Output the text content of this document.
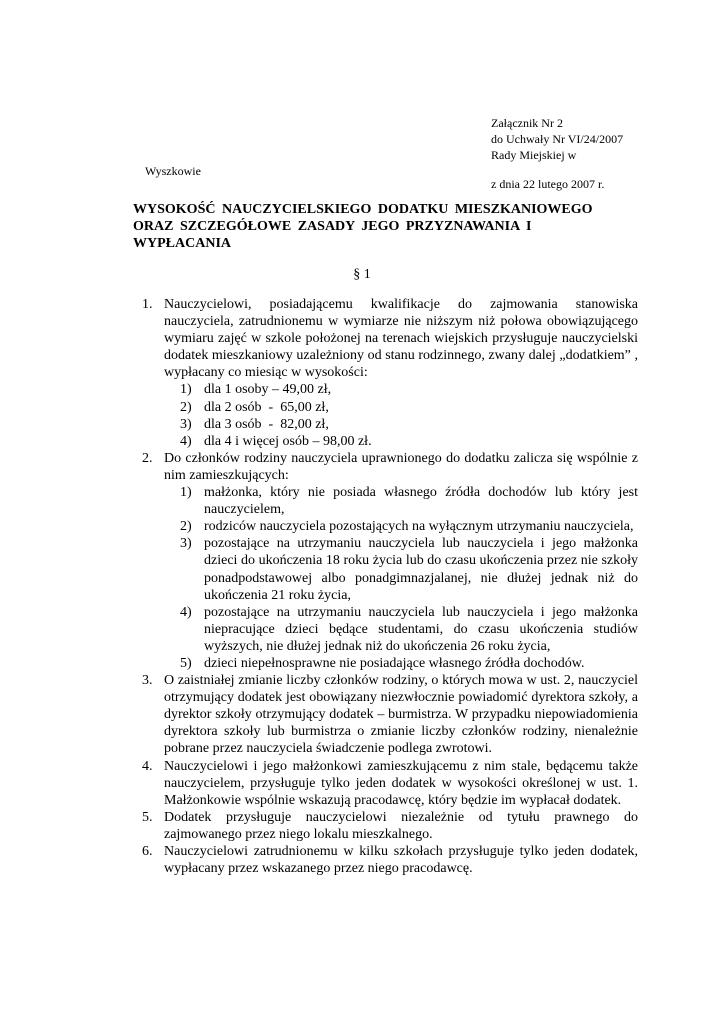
Załącznik Nr 2
do Uchwały Nr VI/24/2007
Rady Miejskiej w
Wyszkowie
z dnia 22 lutego 2007 r.
WYSOKOŚĆ NAUCZYCIELSKIEGO DODATKU MIESZKANIOWEGO
ORAZ SZCZEGÓŁOWE ZASADY JEGO PRZYZNAWANIA I
WYPŁACANIA
§ 1
1. Nauczycielowi, posiadającemu kwalifikacje do zajmowania stanowiska nauczyciela, zatrudnionemu w wymiarze nie niższym niż połowa obowiązującego wymiaru zajęć w szkole położonej na terenach wiejskich przysługuje nauczycielski dodatek mieszkaniowy uzależniony od stanu rodzinnego, zwany dalej „dodatkiem” , wypłacany co miesiąc w wysokości:
1) dla 1 osoby – 49,00 zł,
2) dla 2 osób  -  65,00 zł,
3) dla 3 osób  -  82,00 zł,
4) dla 4 i więcej osób – 98,00 zł.
2. Do członków rodziny nauczyciela uprawnionego do dodatku zalicza się wspólnie z nim zamieszkujących:
1) małżonka, który nie posiada własnego źródła dochodów lub który jest nauczycielem,
2) rodziców nauczyciela pozostających na wyłącznym utrzymaniu nauczyciela,
3) pozostające na utrzymaniu nauczyciela lub nauczyciela i jego małżonka dzieci do ukończenia 18 roku życia lub do czasu ukończenia przez nie szkoły ponadpodstawowej albo ponadgimnazjalanej, nie dłużej jednak niż do ukończenia 21 roku życia,
4) pozostające na utrzymaniu nauczyciela lub nauczyciela i jego małżonka niepracujące dzieci będące studentami, do czasu ukończenia studiów wyższych, nie dłużej jednak niż do ukończenia 26 roku życia,
5) dzieci niepełnosprawne nie posiadające własnego źródła dochodów.
3. O zaistniałej zmianie liczby członków rodziny, o których mowa w ust. 2, nauczyciel otrzymujący dodatek jest obowiązany niezwłocznie powiadomić dyrektora szkoły, a dyrektor szkoły otrzymujący dodatek – burmistrza. W przypadku niepowiadomienia dyrektora szkoły lub burmistrza o zmianie liczby członków rodziny, nienależnie pobrane przez nauczyciela świadczenie podlega zwrotowi.
4. Nauczycielowi i jego małżonkowi zamieszkującemu z nim stale, będącemu także nauczycielem, przysługuje tylko jeden dodatek w wysokości określonej w ust. 1. Małżonkowie wspólnie wskazują pracodawcę, który będzie im wypłacał dodatek.
5. Dodatek przysługuje nauczycielowi niezależnie od tytułu prawnego do zajmowanego przez niego lokalu mieszkalnego.
6. Nauczycielowi zatrudnionemu w kilku szkołach przysługuje tylko jeden dodatek, wypłacany przez wskazanego przez niego pracodawcę.
